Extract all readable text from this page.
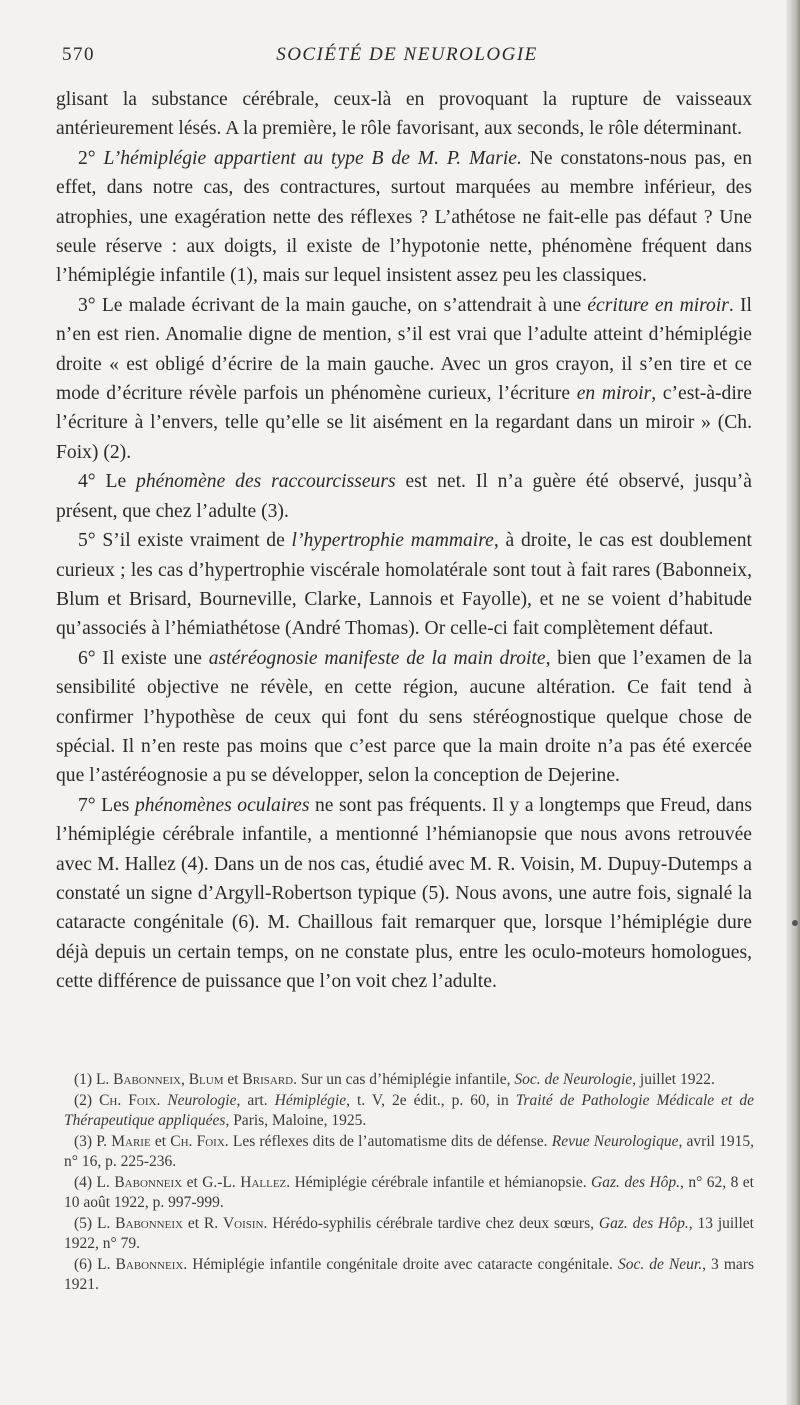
570	SOCIÉTÉ DE NEUROLOGIE

glisant la substance cérébrale, ceux-là en provoquant la rupture de vaisseaux antérieurement lésés. A la première, le rôle favorisant, aux seconds, le rôle déterminant.

2° L’hémiplégie appartient au type B de M. P. Marie. Ne constatons-nous pas, en effet, dans notre cas, des contractures, surtout marquées au membre inférieur, des atrophies, une exagération nette des réflexes ? L’athétose ne fait-elle pas défaut ? Une seule réserve : aux doigts, il existe de l’hypotonie nette, phénomène fréquent dans l’hémiplégie infantile (1), mais sur lequel insistent assez peu les classiques.

3° Le malade écrivant de la main gauche, on s’attendrait à une écriture en miroir. Il n’en est rien. Anomalie digne de mention, s’il est vrai que l’adulte atteint d’hémiplégie droite « est obligé d’écrire de la main gauche. Avec un gros crayon, il s’en tire et ce mode d’écriture révèle parfois un phénomène curieux, l’écriture en miroir, c’est-à-dire l’écriture à l’envers, telle qu’elle se lit aisément en la regardant dans un miroir » (Ch. Foix) (2).

4° Le phénomène des raccourcisseurs est net. Il n’a guère été observé, jusqu’à présent, que chez l’adulte (3).

5° S’il existe vraiment de l’hypertrophie mammaire, à droite, le cas est doublement curieux ; les cas d’hypertrophie viscérale homolatérale sont tout à fait rares (Babonneix, Blum et Brisard, Bourneville, Clarke, Lannois et Fayolle), et ne se voient d’habitude qu’associés à l’hémiathétose (André Thomas). Or celle-ci fait complètement défaut.

6° Il existe une astéréognosie manifeste de la main droite, bien que l’examen de la sensibilité objective ne révèle, en cette région, aucune altération. Ce fait tend à confirmer l’hypothèse de ceux qui font du sens stéréognostique quelque chose de spécial. Il n’en reste pas moins que c’est parce que la main droite n’a pas été exercée que l’astéréognosie a pu se développer, selon la conception de Dejerine.

7° Les phénomènes oculaires ne sont pas fréquents. Il y a longtemps que Freud, dans l’hémiplégie cérébrale infantile, a mentionné l’hémianopsie que nous avons retrouvée avec M. Hallez (4). Dans un de nos cas, étudié avec M. R. Voisin, M. Dupuy-Dutemps a constaté un signe d’Argyll-Robertson typique (5). Nous avons, une autre fois, signalé la cataracte congénitale (6). M. Chaillous fait remarquer que, lorsque l’hémiplégie dure déjà depuis un certain temps, on ne constate plus, entre les oculo-moteurs homologues, cette différence de puissance que l’on voit chez l’adulte.

(1) L. Babonneix, Blum et Brisard. Sur un cas d’hémiplégie infantile, Soc. de Neurologie, juillet 1922.

(2) Ch. Foix. Neurologie, art. Hémiplégie, t. V, 2e édit., p. 60, in Traité de Pathologie Médicale et de Thérapeutique appliquées, Paris, Maloine, 1925.

(3) P. Marie et Ch. Foix. Les réflexes dits de l’automatisme dits de défense. Revue Neurologique, avril 1915, n° 16, p. 225-236.

(4) L. Babonneix et G.-L. Hallez. Hémiplégie cérébrale infantile et hémianopsie. Gaz. des Hôp., n° 62, 8 et 10 août 1922, p. 997-999.

(5) L. Babonneix et R. Voisin. Hérédo-syphilis cérébrale tardive chez deux sœurs, Gaz. des Hôp., 13 juillet 1922, n° 79.

(6) L. Babonneix. Hémiplégie infantile congénitale droite avec cataracte congénitale. Soc. de Neur., 3 mars 1921.
